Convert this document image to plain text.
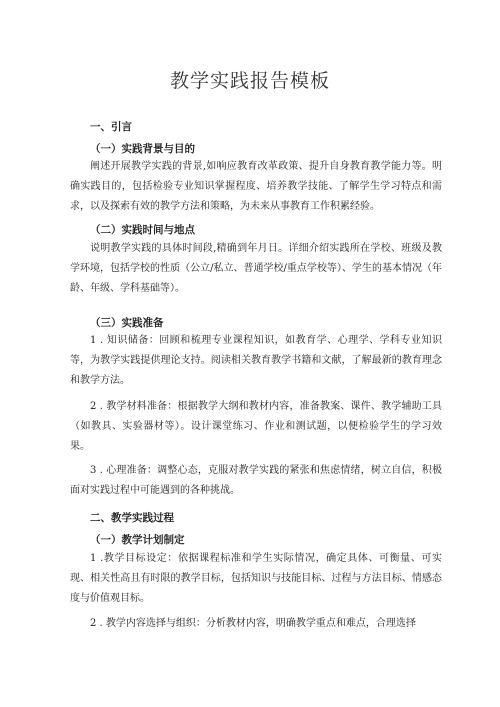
教学实践报告模板
一、引言
（一）实践背景与目的

阐述开展教学实践的背景,如响应教育改革政策、提升自身教育教学能力等。明确实践目的，包括检验专业知识掌握程度、培养教学技能、了解学生学习特点和需求，以及探索有效的教学方法和策略，为未来从事教育工作积累经验。

（二）实践时间与地点

说明教学实践的具体时间段,精确到年月日。详细介绍实践所在学校、班级及教学环境，包括学校的性质（公立/私立、普通学校/重点学校等）、学生的基本情况（年龄、年级、学科基础等）。

（三）实践准备

1 . 知识储备：回顾和梳理专业课程知识，如教育学、心理学、学科专业知识等，为教学实践提供理论支持。阅读相关教育教学书籍和文献，了解最新的教育理念和教学方法。

2 . 教学材料准备：根据教学大纲和教材内容，准备教案、课件、教学辅助工具（如教具、实验器材等）。设计课堂练习、作业和测试题，以便检验学生的学习效果。

3 . 心理准备：调整心态，克服对教学实践的紧张和焦虑情绪，树立自信，积极面对实践过程中可能遇到的各种挑战。

二、教学实践过程
（一）教学计划制定

1 .教学目标设定：依据课程标准和学生实际情况，确定具体、可衡量、可实现、相关性高且有时限的教学目标，包括知识与技能目标、过程与方法目标、情感态度与价值观目标。

2 . 教学内容选择与组织：分析教材内容，明确教学重点和难点，合理选择
